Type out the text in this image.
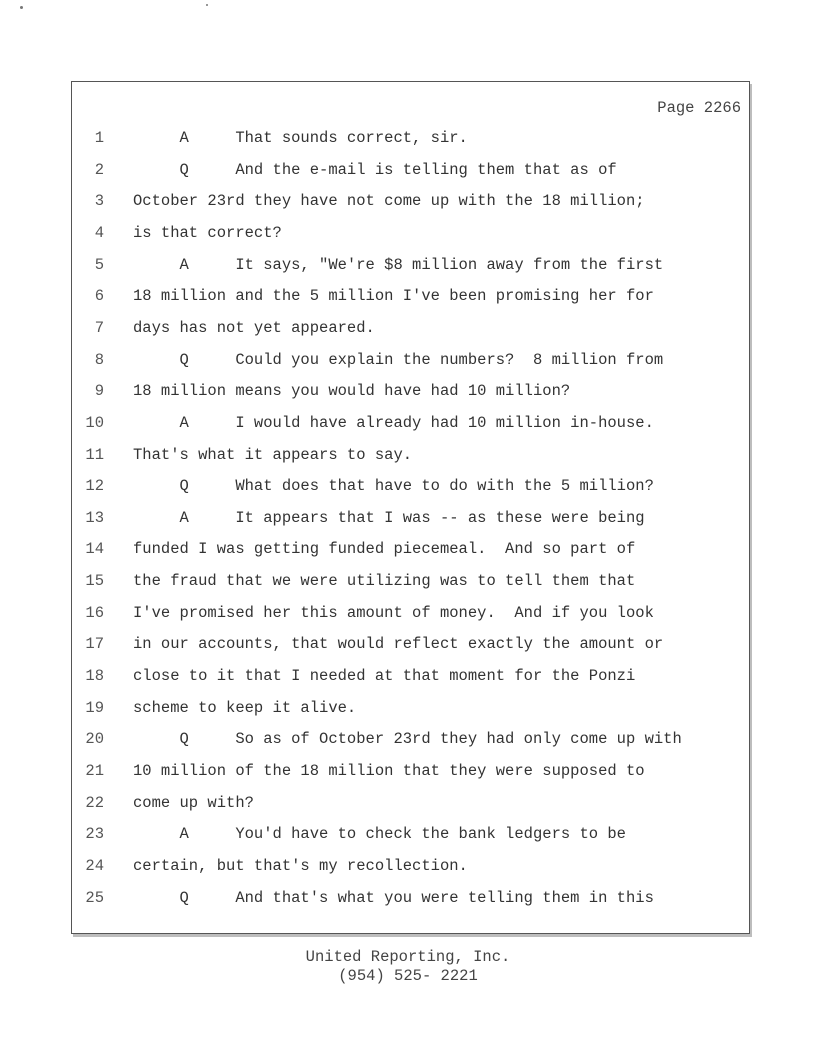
Page 2266
1 A     That sounds correct, sir.
2 Q     And the e-mail is telling them that as of
3 October 23rd they have not come up with the 18 million;
4 is that correct?
5 A     It says, "We're $8 million away from the first
6 18 million and the 5 million I've been promising her for
7 days has not yet appeared.
8 Q     Could you explain the numbers?  8 million from
9 18 million means you would have had 10 million?
10 A     I would have already had 10 million in-house.
11 That's what it appears to say.
12 Q     What does that have to do with the 5 million?
13 A     It appears that I was -- as these were being
14 funded I was getting funded piecemeal.  And so part of
15 the fraud that we were utilizing was to tell them that
16 I've promised her this amount of money.  And if you look
17 in our accounts, that would reflect exactly the amount or
18 close to it that I needed at that moment for the Ponzi
19 scheme to keep it alive.
20 Q     So as of October 23rd they had only come up with
21 10 million of the 18 million that they were supposed to
22 come up with?
23 A     You'd have to check the bank ledgers to be
24 certain, but that's my recollection.
25 Q     And that's what you were telling them in this
United Reporting, Inc.
(954) 525- 2221
